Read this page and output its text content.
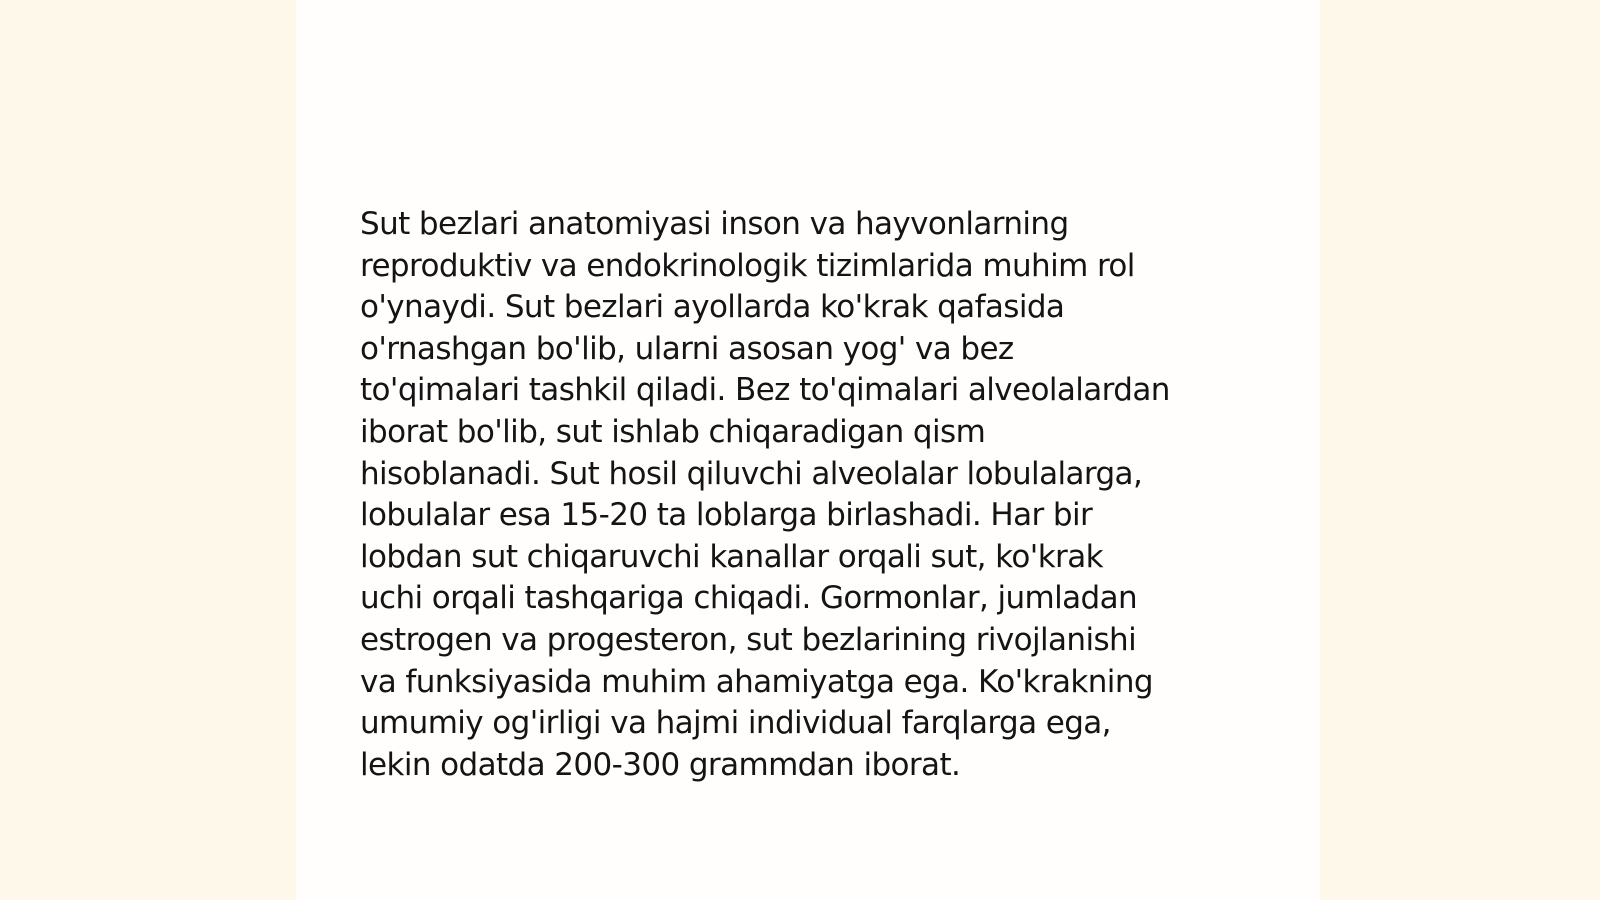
Sut bezlari anatomiyasi inson va hayvonlarning
reproduktiv va endokrinologik tizimlarida muhim rol
o'ynaydi. Sut bezlari ayollarda ko'krak qafasida
o'rnashgan bo'lib, ularni asosan yog' va bez
to'qimalari tashkil qiladi. Bez to'qimalari alveolalardan
iborat bo'lib, sut ishlab chiqaradigan qism
hisoblanadi. Sut hosil qiluvchi alveolalar lobulalarga,
lobulalar esa 15-20 ta loblarga birlashadi. Har bir
lobdan sut chiqaruvchi kanallar orqali sut, ko'krak
uchi orqali tashqariga chiqadi. Gormonlar, jumladan
estrogen va progesteron, sut bezlarining rivojlanishi
va funksiyasida muhim ahamiyatga ega. Ko'krakning
umumiy og'irligi va hajmi individual farqlarga ega,
lekin odatda 200-300 grammdan iborat.
